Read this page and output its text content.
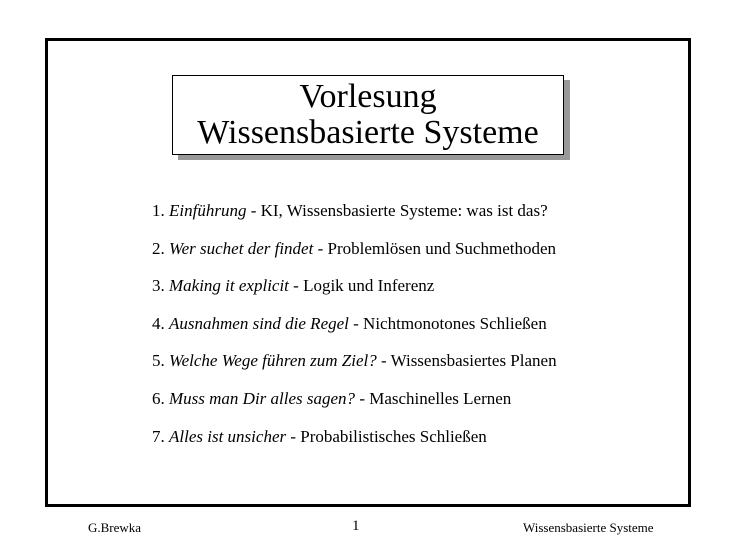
Vorlesung
Wissensbasierte Systeme
1. Einführung - KI, Wissensbasierte Systeme: was ist das?
2. Wer suchet der findet - Problemlösen und Suchmethoden
3. Making it explicit - Logik und Inferenz
4. Ausnahmen sind die Regel - Nichtmonotones Schließen
5. Welche Wege führen zum Ziel? - Wissensbasiertes Planen
6. Muss man Dir alles sagen? - Maschinelles Lernen
7. Alles ist unsicher - Probabilistisches Schließen
G.Brewka	1	Wissensbasierte Systeme
